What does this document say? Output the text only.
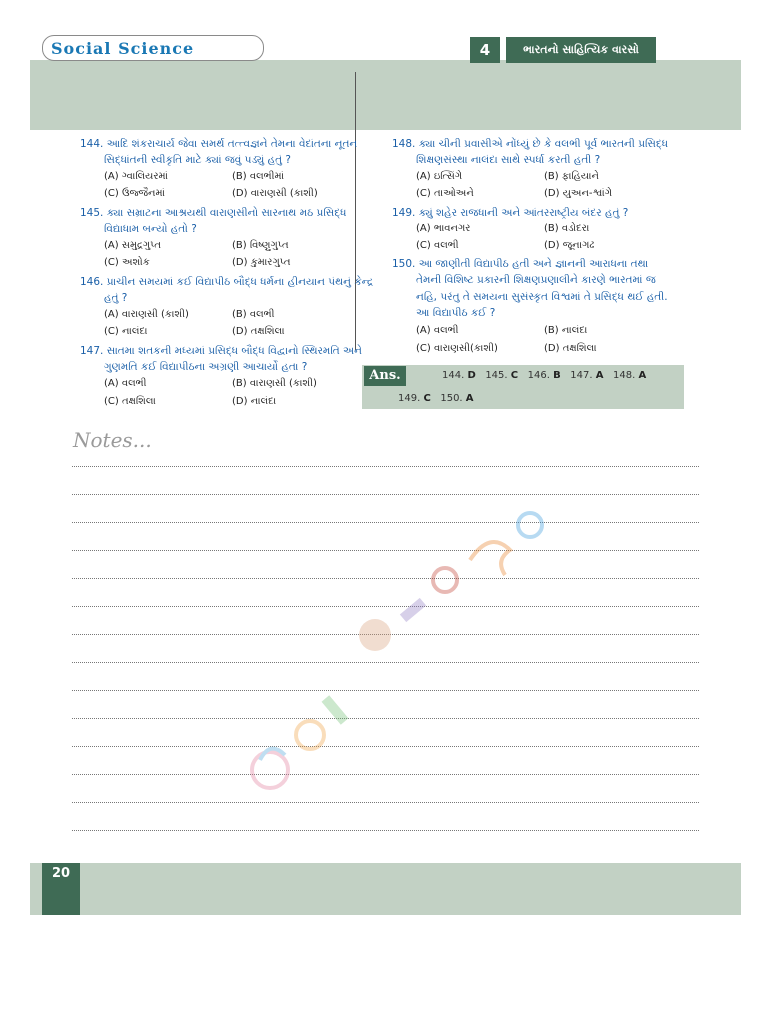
Social Science	4	ભારતનો સાહિત્યિક વારસો
144. આદિ શંકરાચાર્ય જેવા સમર્થ તત્ત્વજ્ઞને તેમના વેદાંતના નૂતન
સિદ્ધાંતની સ્વીકૃતિ માટે ક્યાં જવું પડ્યું હતું ?
(A) ગ્વાલિયરમાં	(B) વલભીમાં
(C) ઉજ્જૈનમાં	(D) વારાણસી (કાશી)
145. ક્યા સમ્રાટના આશ્રયથી વારાણસીનો સારનાથ મઠ પ્રસિદ્ધ
વિદ્યાધામ બન્યો હતો ?
(A) સમુદ્રગુપ્ત	(B) વિષ્ણુગુપ્ત
(C) અશોક	(D) કુમારગુપ્ત
146. પ્રાચીન સમયમાં કઈ વિદ્યાપીઠ બૌદ્ધ ધર્મના હીનયાન પંથનું કેન્દ્ર
હતું ?
(A) વારાણસી (કાશી)	(B) વલભી
(C) નાલંદા	(D) તક્ષશિલા
147. સાતમા શતકની મધ્યમાં પ્રસિદ્ધ બૌદ્ધ વિદ્વાનો સ્થિરમતિ અને
ગુણમતિ કઈ વિદ્યાપીઠના અગ્રણી આચાર્યો હતા ?
(A) વલભી	(B) વારાણસી (કાશી)
(C) તક્ષશિલા	(D) નાલંદા
148. ક્યા ચીની પ્રવાસીએ નોંધ્યું છે કે વલભી પૂર્વ ભારતની પ્રસિદ્ધ
શિક્ષણસંસ્થા નાલંદા સાથે સ્પર્ધા કરતી હતી ?
(A) ઇત્સિંગે	(B) ફાહિયાને
(C) તાઓઅને	(D) યુઅન-શ્વાંગે
149. ક્યું શહેર રાજધાની અને આંતરરાષ્ટ્રીય બંદર હતું ?
(A) ભાવનગર	(B) વડોદરા
(C) વલભી	(D) જૂનાગઢ
150. આ જાણીતી વિદ્યાપીઠ હતી અને જ્ઞાનની આરાધના તથા
તેમની વિશિષ્ટ પ્રકારની શિક્ષણપ્રણાલીને કારણે ભારતમાં જ
નહિ, પરંતુ તે સમયના સુસંસ્કૃત વિશ્વમાં તે પ્રસિદ્ધ થઈ હતી.
આ વિદ્યાપીઠ કઈ ?
(A) વલભી	(B) નાલંદા
(C) વારાણસી(કાશી)	(D) તક્ષશિલા
Ans.	144. D 145. C 146. B 147. A 148. A
149. C 150. A
Notes...
20
